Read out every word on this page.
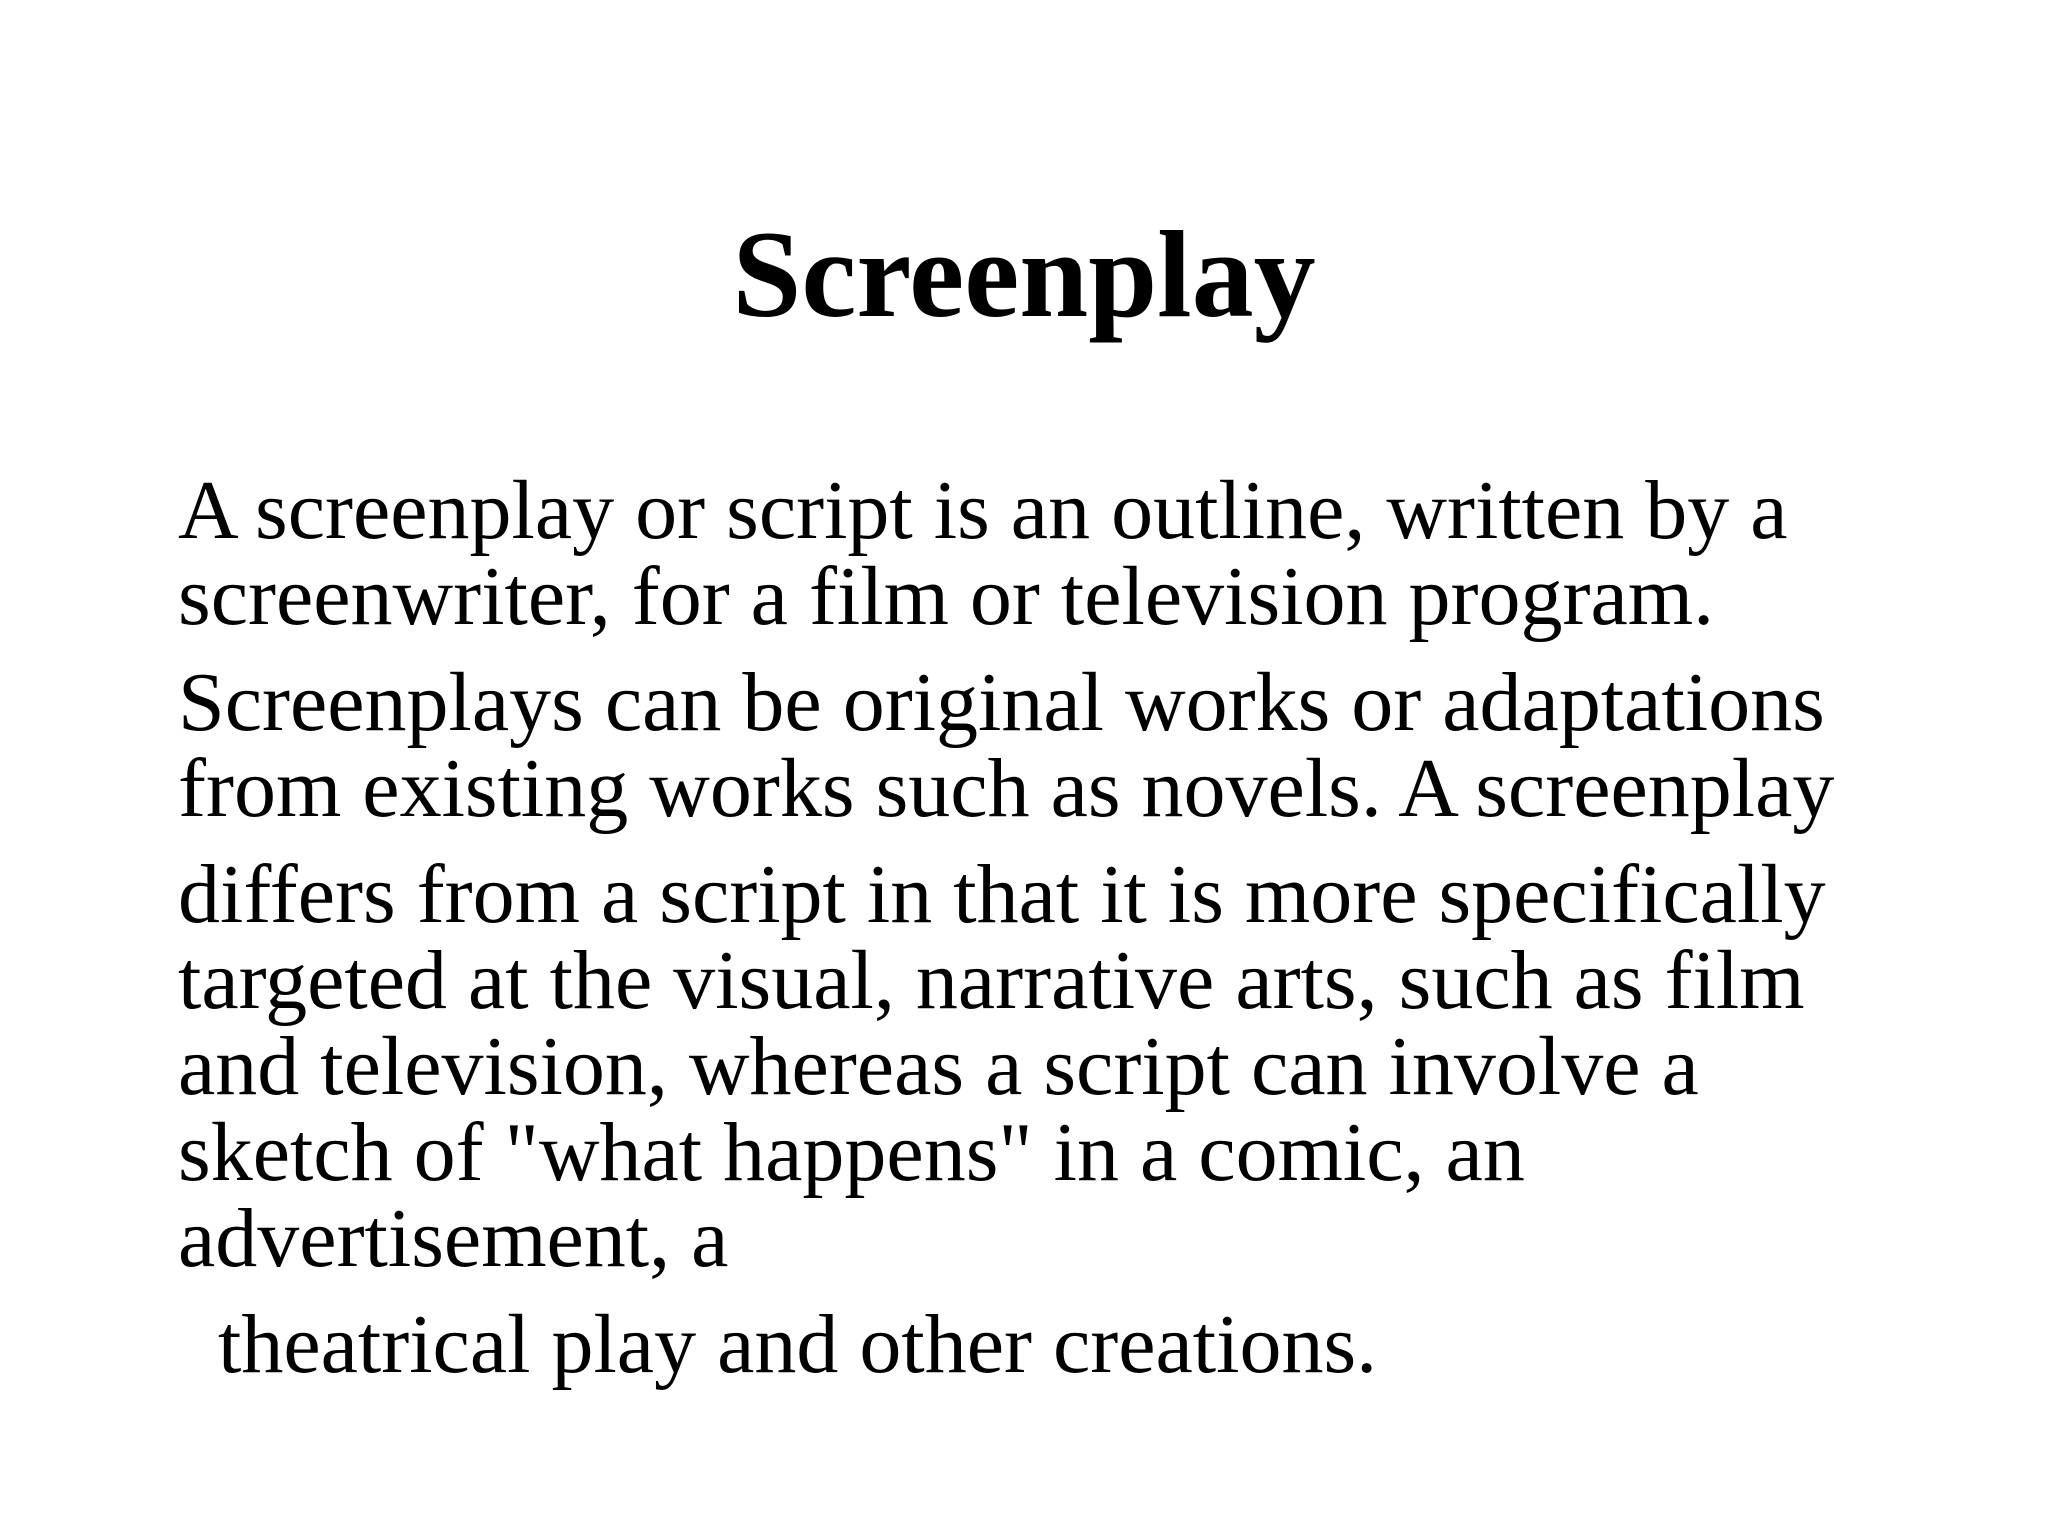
Screenplay

A screenplay or script is an outline, written by a
screenwriter, for a film or television program.

Screenplays can be original works or adaptations
from existing works such as novels. A screenplay

differs from a script in that it is more specifically
targeted at the visual, narrative arts, such as film
and television, whereas a script can involve a
sketch of "what happens" in a comic, an
advertisement, a

theatrical play and other creations.
